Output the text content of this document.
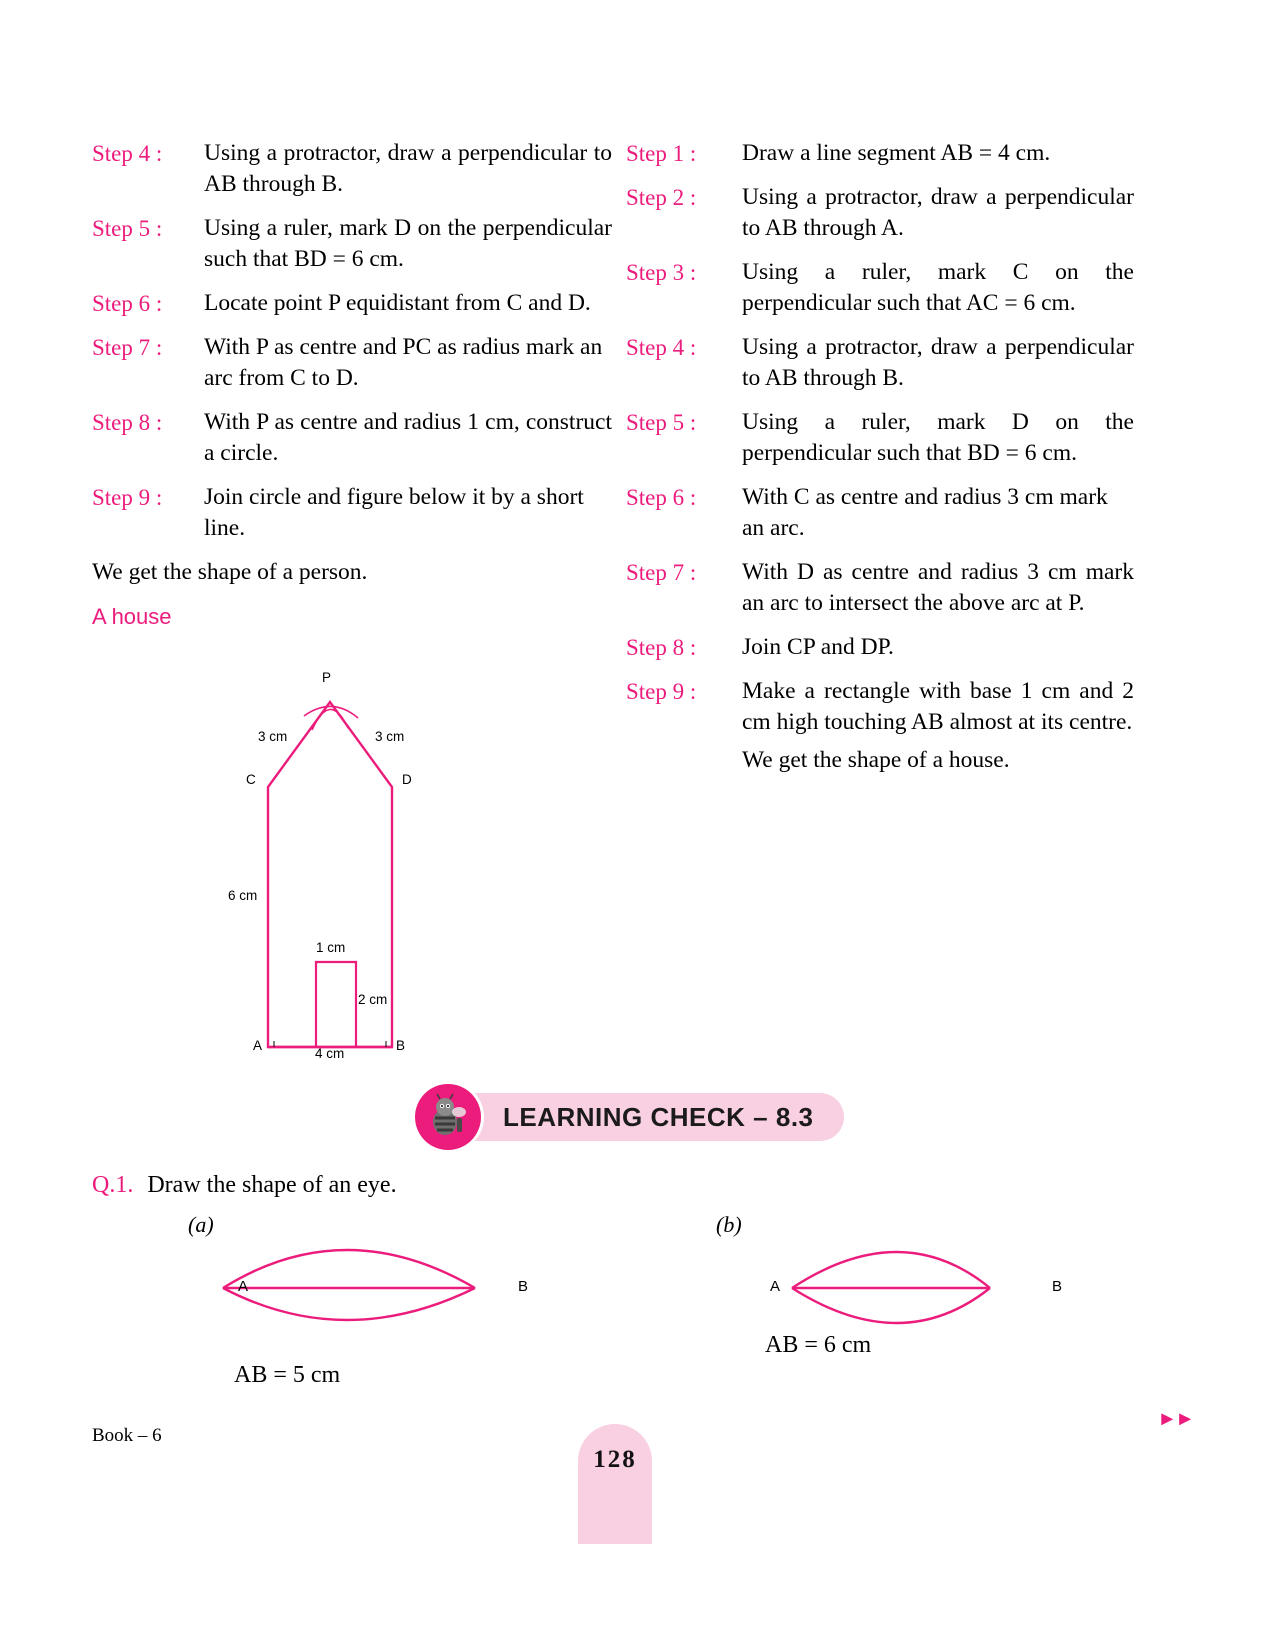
Step 4 :	Using a protractor, draw a perpendicular to AB through B.
Step 5 :	Using a ruler, mark D on the perpendicular such that BD = 6 cm.
Step 6 :	Locate point P equidistant from C and D.
Step 7 :	With P as centre and PC as radius mark an arc from C to D.
Step 8 :	With P as centre and radius 1 cm, construct a circle.
Step 9 :	Join circle and figure below it by a short line.
We get the shape of a person.
A house
Step 1 :	Draw a line segment AB = 4 cm.
Step 2 :	Using a protractor, draw a perpendicular to AB through A.
Step 3 :	Using a ruler, mark C on the perpendicular such that AC = 6 cm.
Step 4 :	Using a protractor, draw a perpendicular to AB through B.
Step 5 :	Using a ruler, mark D on the perpendicular such that BD = 6 cm.
Step 6 :	With C as centre and radius 3 cm mark an arc.
Step 7 :	With D as centre and radius 3 cm mark an arc to intersect the above arc at P.
Step 8 :	Join CP and DP.
Step 9 :	Make a rectangle with base 1 cm and 2 cm high touching AB almost at its centre.
We get the shape of a house.
P
3 cm	3 cm
C	D
6 cm
1 cm
2 cm
A	B
4 cm
LEARNING CHECK – 8.3
Q.1. Draw the shape of an eye.
(a)
A	B
AB = 5 cm
(b)
A	B
AB = 6 cm
Book – 6
128
►►
